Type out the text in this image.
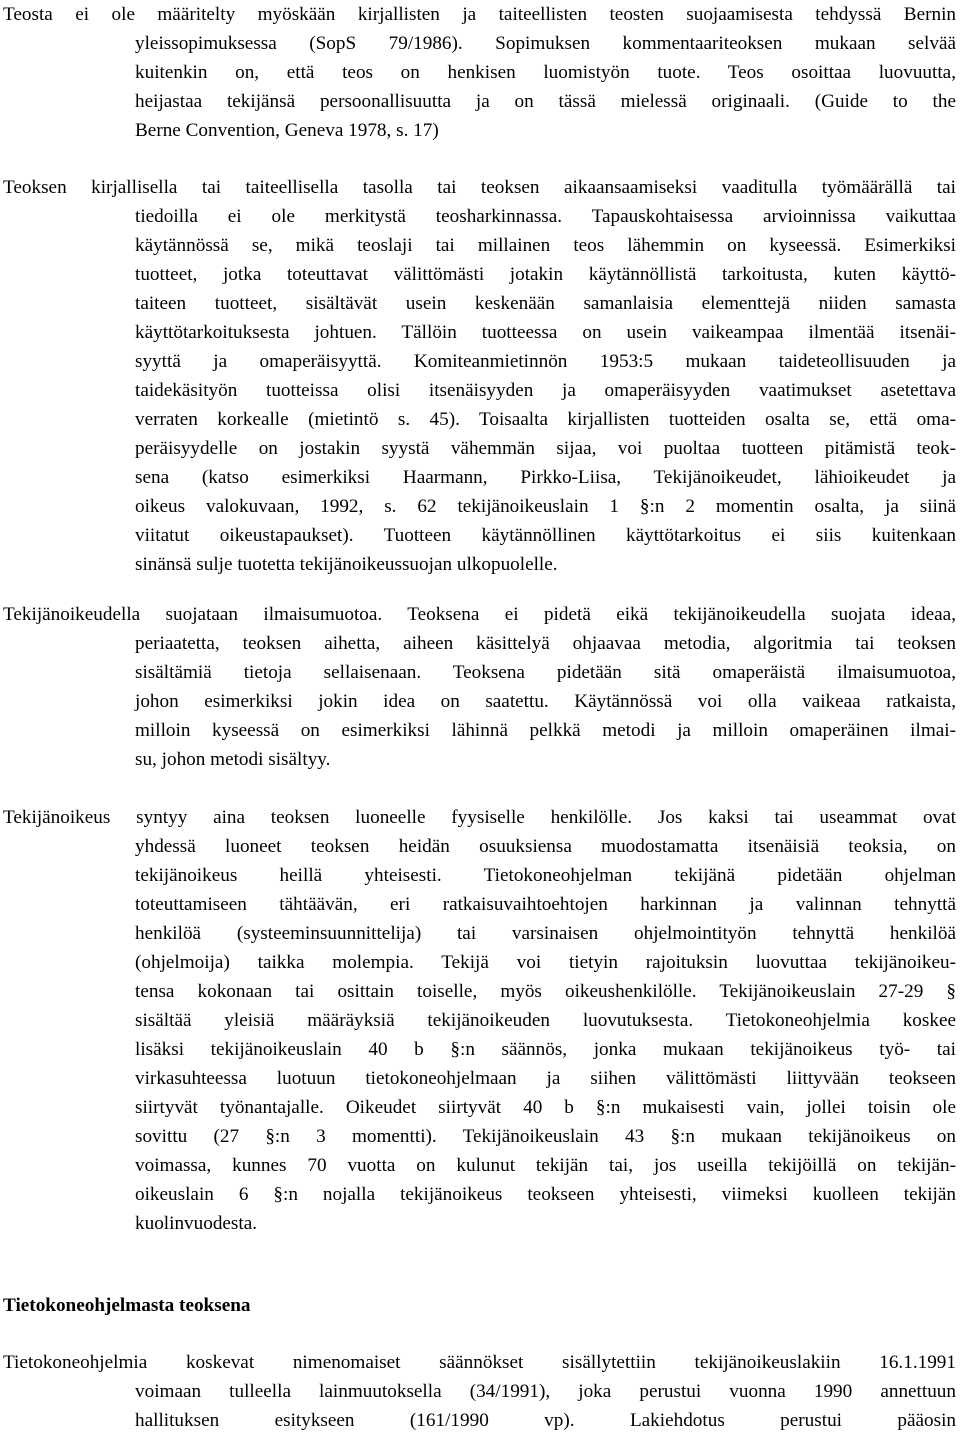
Teosta ei ole määritelty myöskään kirjallisten ja taiteellisten teosten suojaamisesta tehdyssä Bernin
yleissopimuksessa (SopS 79/1986). Sopimuksen kommentaariteoksen mukaan selvää
kuitenkin on, että teos on henkisen luomistyön tuote. Teos osoittaa luovuutta,
heijastaa tekijänsä persoonallisuutta ja on tässä mielessä originaali. (Guide to the
Berne Convention, Geneva 1978, s. 17)
Teoksen kirjallisella tai taiteellisella tasolla tai teoksen aikaansaamiseksi vaaditulla työmäärällä tai
tiedoilla ei ole merkitystä teosharkinnassa. Tapauskohtaisessa arvioinnissa vaikuttaa
käytännössä se, mikä teoslaji tai millainen teos lähemmin on kyseessä. Esimerkiksi
tuotteet, jotka toteuttavat välittömästi jotakin käytännöllistä tarkoitusta, kuten käyttö-
taiteen tuotteet, sisältävät usein keskenään samanlaisia elementtejä niiden samasta
käyttötarkoituksesta johtuen. Tällöin tuotteessa on usein vaikeampaa ilmentää itsenäi-
syyttä ja omaperäisyyttä. Komiteanmietinnön 1953:5 mukaan taideteollisuuden ja
taidekäsityön tuotteissa olisi itsenäisyyden ja omaperäisyyden vaatimukset asetettava
verraten korkealle (mietintö s. 45). Toisaalta kirjallisten tuotteiden osalta se, että oma-
peräisyydelle on jostakin syystä vähemmän sijaa, voi puoltaa tuotteen pitämistä teok-
sena (katso esimerkiksi Haarmann, Pirkko-Liisa, Tekijänoikeudet, lähioikeudet ja
oikeus valokuvaan, 1992, s. 62 tekijänoikeuslain 1 §:n 2 momentin osalta, ja siinä
viitatut oikeustapaukset). Tuotteen käytännöllinen käyttötarkoitus ei siis kuitenkaan
sinänsä sulje tuotetta tekijänoikeussuojan ulkopuolelle.
Tekijänoikeudella suojataan ilmaisumuotoa. Teoksena ei pidetä eikä tekijänoikeudella suojata ideaa,
periaatetta, teoksen aihetta, aiheen käsittelyä ohjaavaa metodia, algoritmia tai teoksen
sisältämiä tietoja sellaisenaan. Teoksena pidetään sitä omaperäistä ilmaisumuotoa,
johon esimerkiksi jokin idea on saatettu. Käytännössä voi olla vaikeaa ratkaista,
milloin kyseessä on esimerkiksi lähinnä pelkkä metodi ja milloin omaperäinen ilmai-
su, johon metodi sisältyy.
Tekijänoikeus syntyy aina teoksen luoneelle fyysiselle henkilölle. Jos kaksi tai useammat ovat
yhdessä luoneet teoksen heidän osuuksiensa muodostamatta itsenäisiä teoksia, on
tekijänoikeus heillä yhteisesti. Tietokoneohjelman tekijänä pidetään ohjelman
toteuttamiseen tähtäävän, eri ratkaisuvaihtoehtojen harkinnan ja valinnan tehnyttä
henkilöä (systeeminsuunnittelija) tai varsinaisen ohjelmointityön tehnyttä henkilöä
(ohjelmoija) taikka molempia. Tekijä voi tietyin rajoituksin luovuttaa tekijänoikeu-
tensa kokonaan tai osittain toiselle, myös oikeushenkilölle. Tekijänoikeuslain 27-29 §
sisältää yleisiä määräyksiä tekijänoikeuden luovutuksesta. Tietokoneohjelmia koskee
lisäksi tekijänoikeuslain 40 b §:n säännös, jonka mukaan tekijänoikeus työ- tai
virkasuhteessa luotuun tietokoneohjelmaan ja siihen välittömästi liittyvään teokseen
siirtyvät työnantajalle. Oikeudet siirtyvät 40 b §:n mukaisesti vain, jollei toisin ole
sovittu (27 §:n 3 momentti). Tekijänoikeuslain 43 §:n mukaan tekijänoikeus on
voimassa, kunnes 70 vuotta on kulunut tekijän tai, jos useilla tekijöillä on tekijän-
oikeuslain 6 §:n nojalla tekijänoikeus teokseen yhteisesti, viimeksi kuolleen tekijän
kuolinvuodesta.
Tietokoneohjelmasta teoksena
Tietokoneohjelmia koskevat nimenomaiset säännökset sisällytettiin tekijänoikeuslakiin 16.1.1991
voimaan tulleella lainmuutoksella (34/1991), joka perustui vuonna 1990 annettuun
hallituksen esitykseen (161/1990 vp). Lakiehdotus perustui pääosin
